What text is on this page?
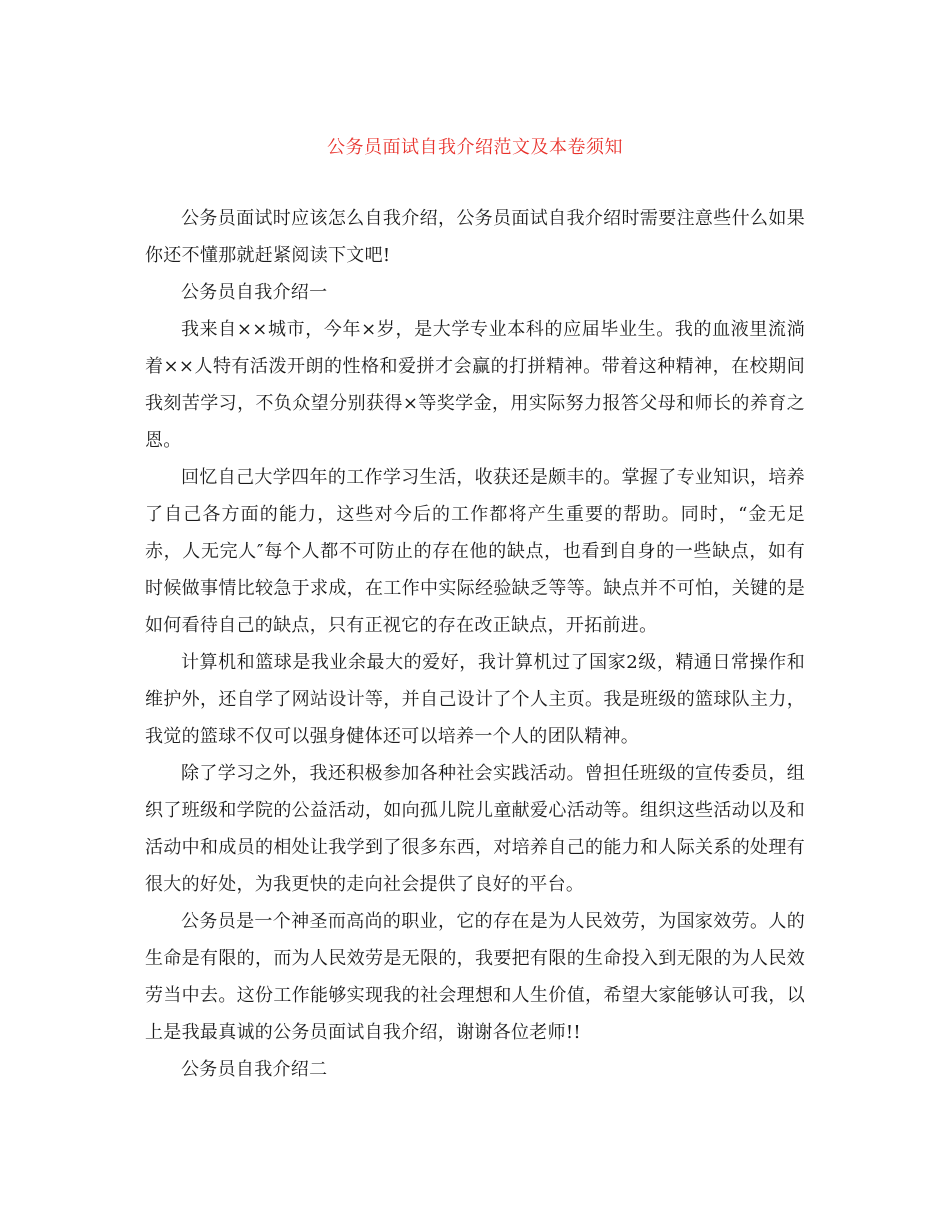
公务员面试自我介绍范文及本卷须知

公务员面试时应该怎么自我介绍，公务员面试自我介绍时需要注意些什么如果你还不懂那就赶紧阅读下文吧!

公务员自我介绍一

我来自××城市，今年×岁，是大学专业本科的应届毕业生。我的血液里流淌着××人特有活泼开朗的性格和爱拼才会赢的打拼精神。带着这种精神，在校期间我刻苦学习，不负众望分别获得×等奖学金，用实际努力报答父母和师长的养育之恩。

回忆自己大学四年的工作学习生活，收获还是颇丰的。掌握了专业知识，培养了自己各方面的能力，这些对今后的工作都将产生重要的帮助。同时，“金无足赤，人无完人″每个人都不可防止的存在他的缺点，也看到自身的一些缺点，如有时候做事情比较急于求成，在工作中实际经验缺乏等等。缺点并不可怕，关键的是如何看待自己的缺点，只有正视它的存在改正缺点，开拓前进。

计算机和篮球是我业余最大的爱好，我计算机过了国家2级，精通日常操作和维护外，还自学了网站设计等，并自己设计了个人主页。我是班级的篮球队主力，我觉的篮球不仅可以强身健体还可以培养一个人的团队精神。

除了学习之外，我还积极参加各种社会实践活动。曾担任班级的宣传委员，组织了班级和学院的公益活动，如向孤儿院儿童献爱心活动等。组织这些活动以及和活动中和成员的相处让我学到了很多东西，对培养自己的能力和人际关系的处理有很大的好处，为我更快的走向社会提供了良好的平台。

公务员是一个神圣而高尚的职业，它的存在是为人民效劳，为国家效劳。人的生命是有限的，而为人民效劳是无限的，我要把有限的生命投入到无限的为人民效劳当中去。这份工作能够实现我的社会理想和人生价值，希望大家能够认可我，以上是我最真诚的公务员面试自我介绍，谢谢各位老师!!

公务员自我介绍二
